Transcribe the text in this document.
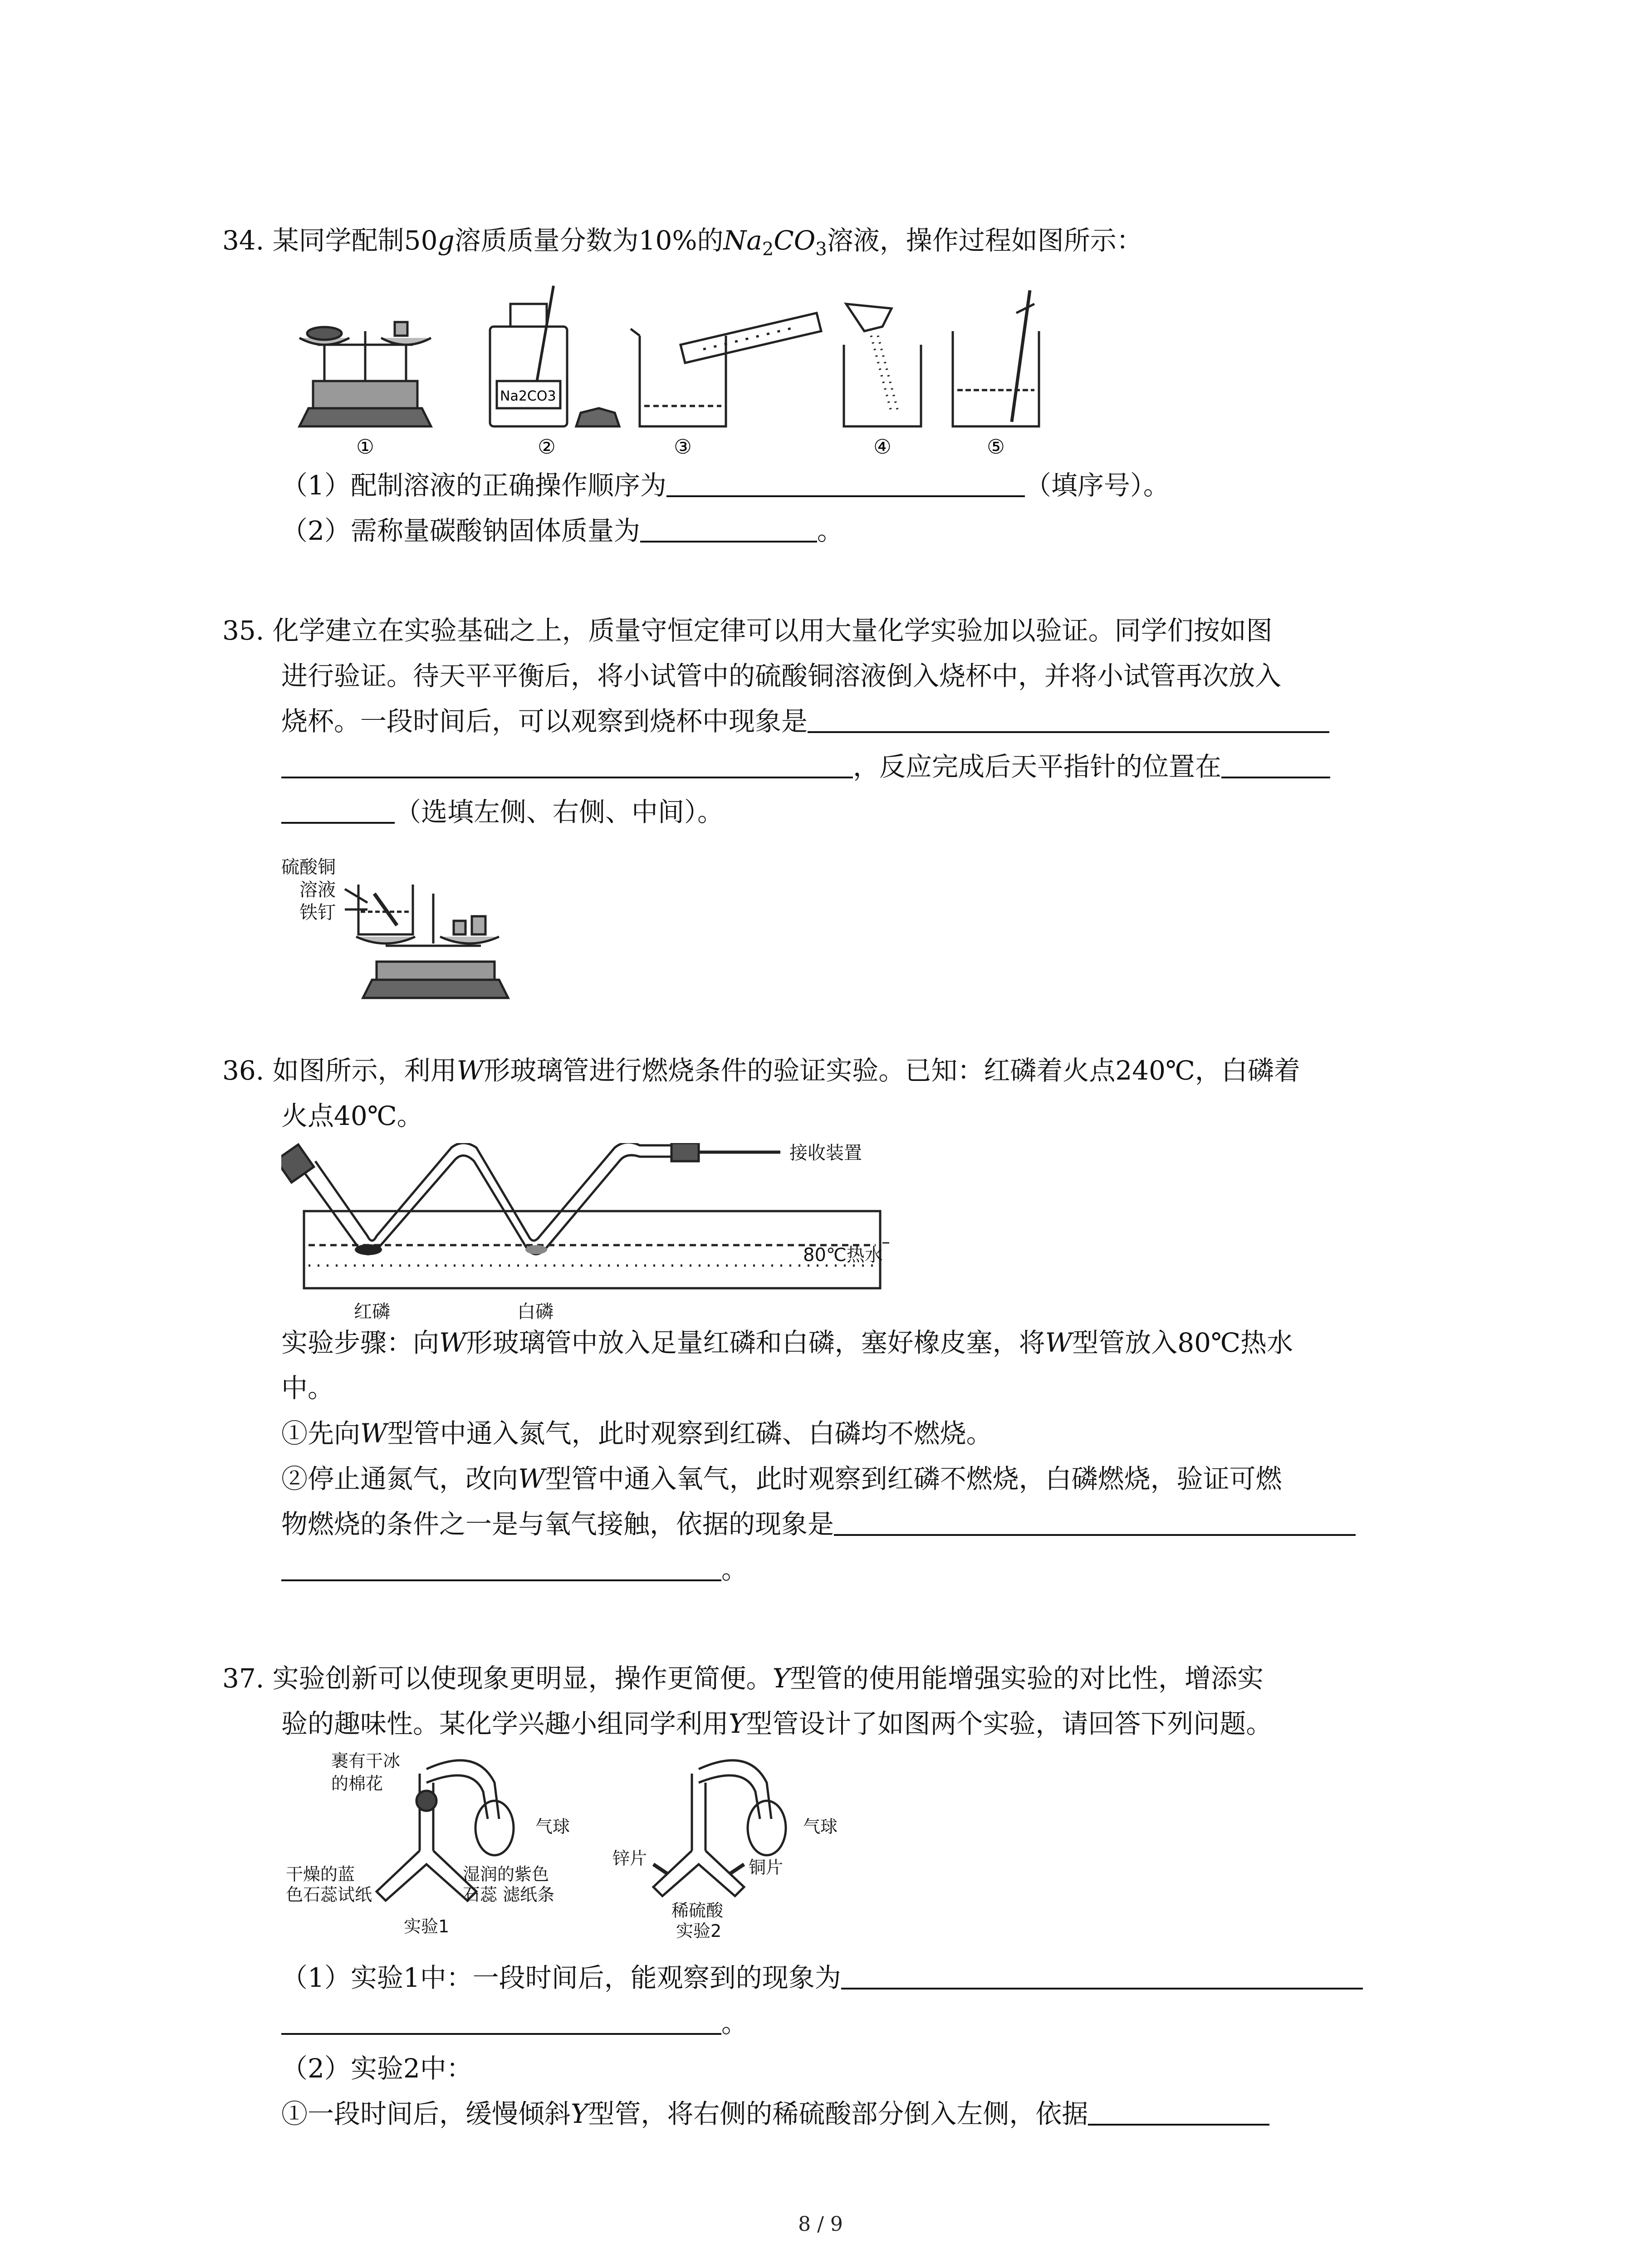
34. 某同学配制50g溶质质量分数为10%的$Na_2CO_3$溶液，操作过程如图所示：
Na2CO3
①	②	③	④	⑤
（1）配制溶液的正确操作顺序为	（填序号）。
（2）需称量碳酸钠固体质量为	。
35. 化学建立在实验基础之上，质量守恒定律可以用大量化学实验加以验证。同学们按如图
进行验证。待天平平衡后，将小试管中的硫酸铜溶液倒入烧杯中，并将小试管再次放入
烧杯。一段时间后，可以观察到烧杯中现象是
，反应完成后天平指针的位置在
（选填左侧、右侧、中间）。
硫酸铜
溶液
铁钉
36. 如图所示，利用W形玻璃管进行燃烧条件的验证实验。已知：红磷着火点240℃，白磷着
火点40℃。
接收装置
80℃热水
红磷	白磷
实验步骤：向W形玻璃管中放入足量红磷和白磷，塞好橡皮塞，将W型管放入80℃热水
中。
①先向W型管中通入氮气，此时观察到红磷、白磷均不燃烧。
②停止通氮气，改向W型管中通入氧气，此时观察到红磷不燃烧，白磷燃烧，验证可燃
物燃烧的条件之一是与氧气接触，依据的现象是
。
37. 实验创新可以使现象更明显，操作更简便。Y型管的使用能增强实验的对比性，增添实
验的趣味性。某化学兴趣小组同学利用Y型管设计了如图两个实验，请回答下列问题。
裹有干冰
的棉花
气球
干燥的蓝
色石蕊试纸
湿润的紫色
石蕊 滤纸条
实验1
气球
锌片	铜片
稀硫酸
实验2
（1）实验1中：一段时间后，能观察到的现象为
。
（2）实验2中：
①一段时间后，缓慢倾斜Y型管，将右侧的稀硫酸部分倒入左侧，依据
8 / 9
